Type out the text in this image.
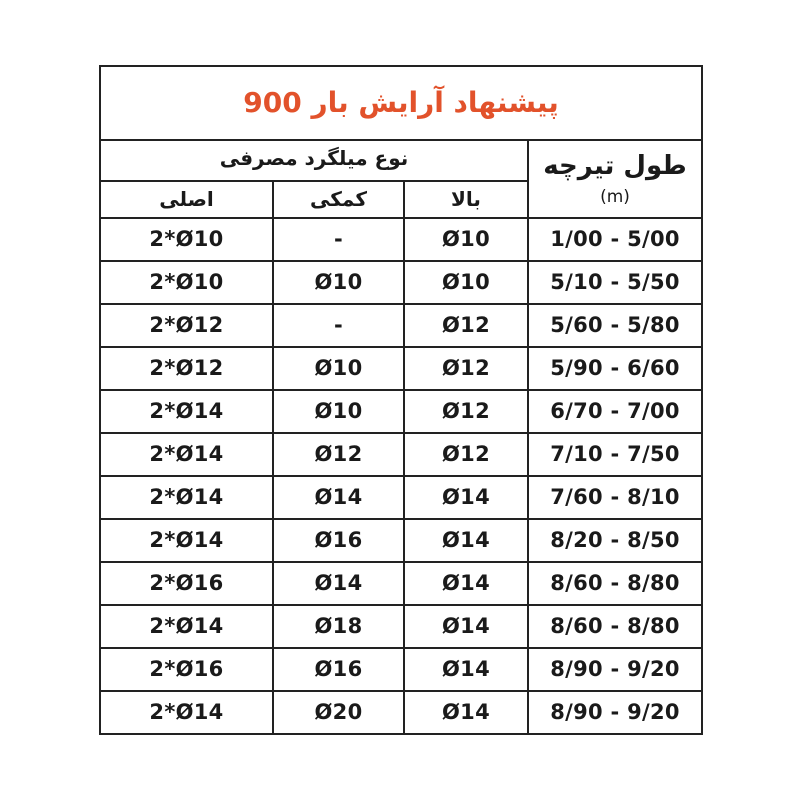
پیشنهاد آرایش بار 900			

نوع میلگرد مصرفی			طول تیرچه
(m)

اصلی	کمکی	بالا	
2*Ø10	-	Ø10	1/00 - 5/00
2*Ø10	Ø10	Ø10	5/10 - 5/50
2*Ø12	-	Ø12	5/60 - 5/80
2*Ø12	Ø10	Ø12	5/90 - 6/60
2*Ø14	Ø10	Ø12	6/70 - 7/00
2*Ø14	Ø12	Ø12	7/10 - 7/50
2*Ø14	Ø14	Ø14	7/60 - 8/10
2*Ø14	Ø16	Ø14	8/20 - 8/50
2*Ø16	Ø14	Ø14	8/60 - 8/80
2*Ø14	Ø18	Ø14	8/60 - 8/80
2*Ø16	Ø16	Ø14	8/90 - 9/20
2*Ø14	Ø20	Ø14	8/90 - 9/20
